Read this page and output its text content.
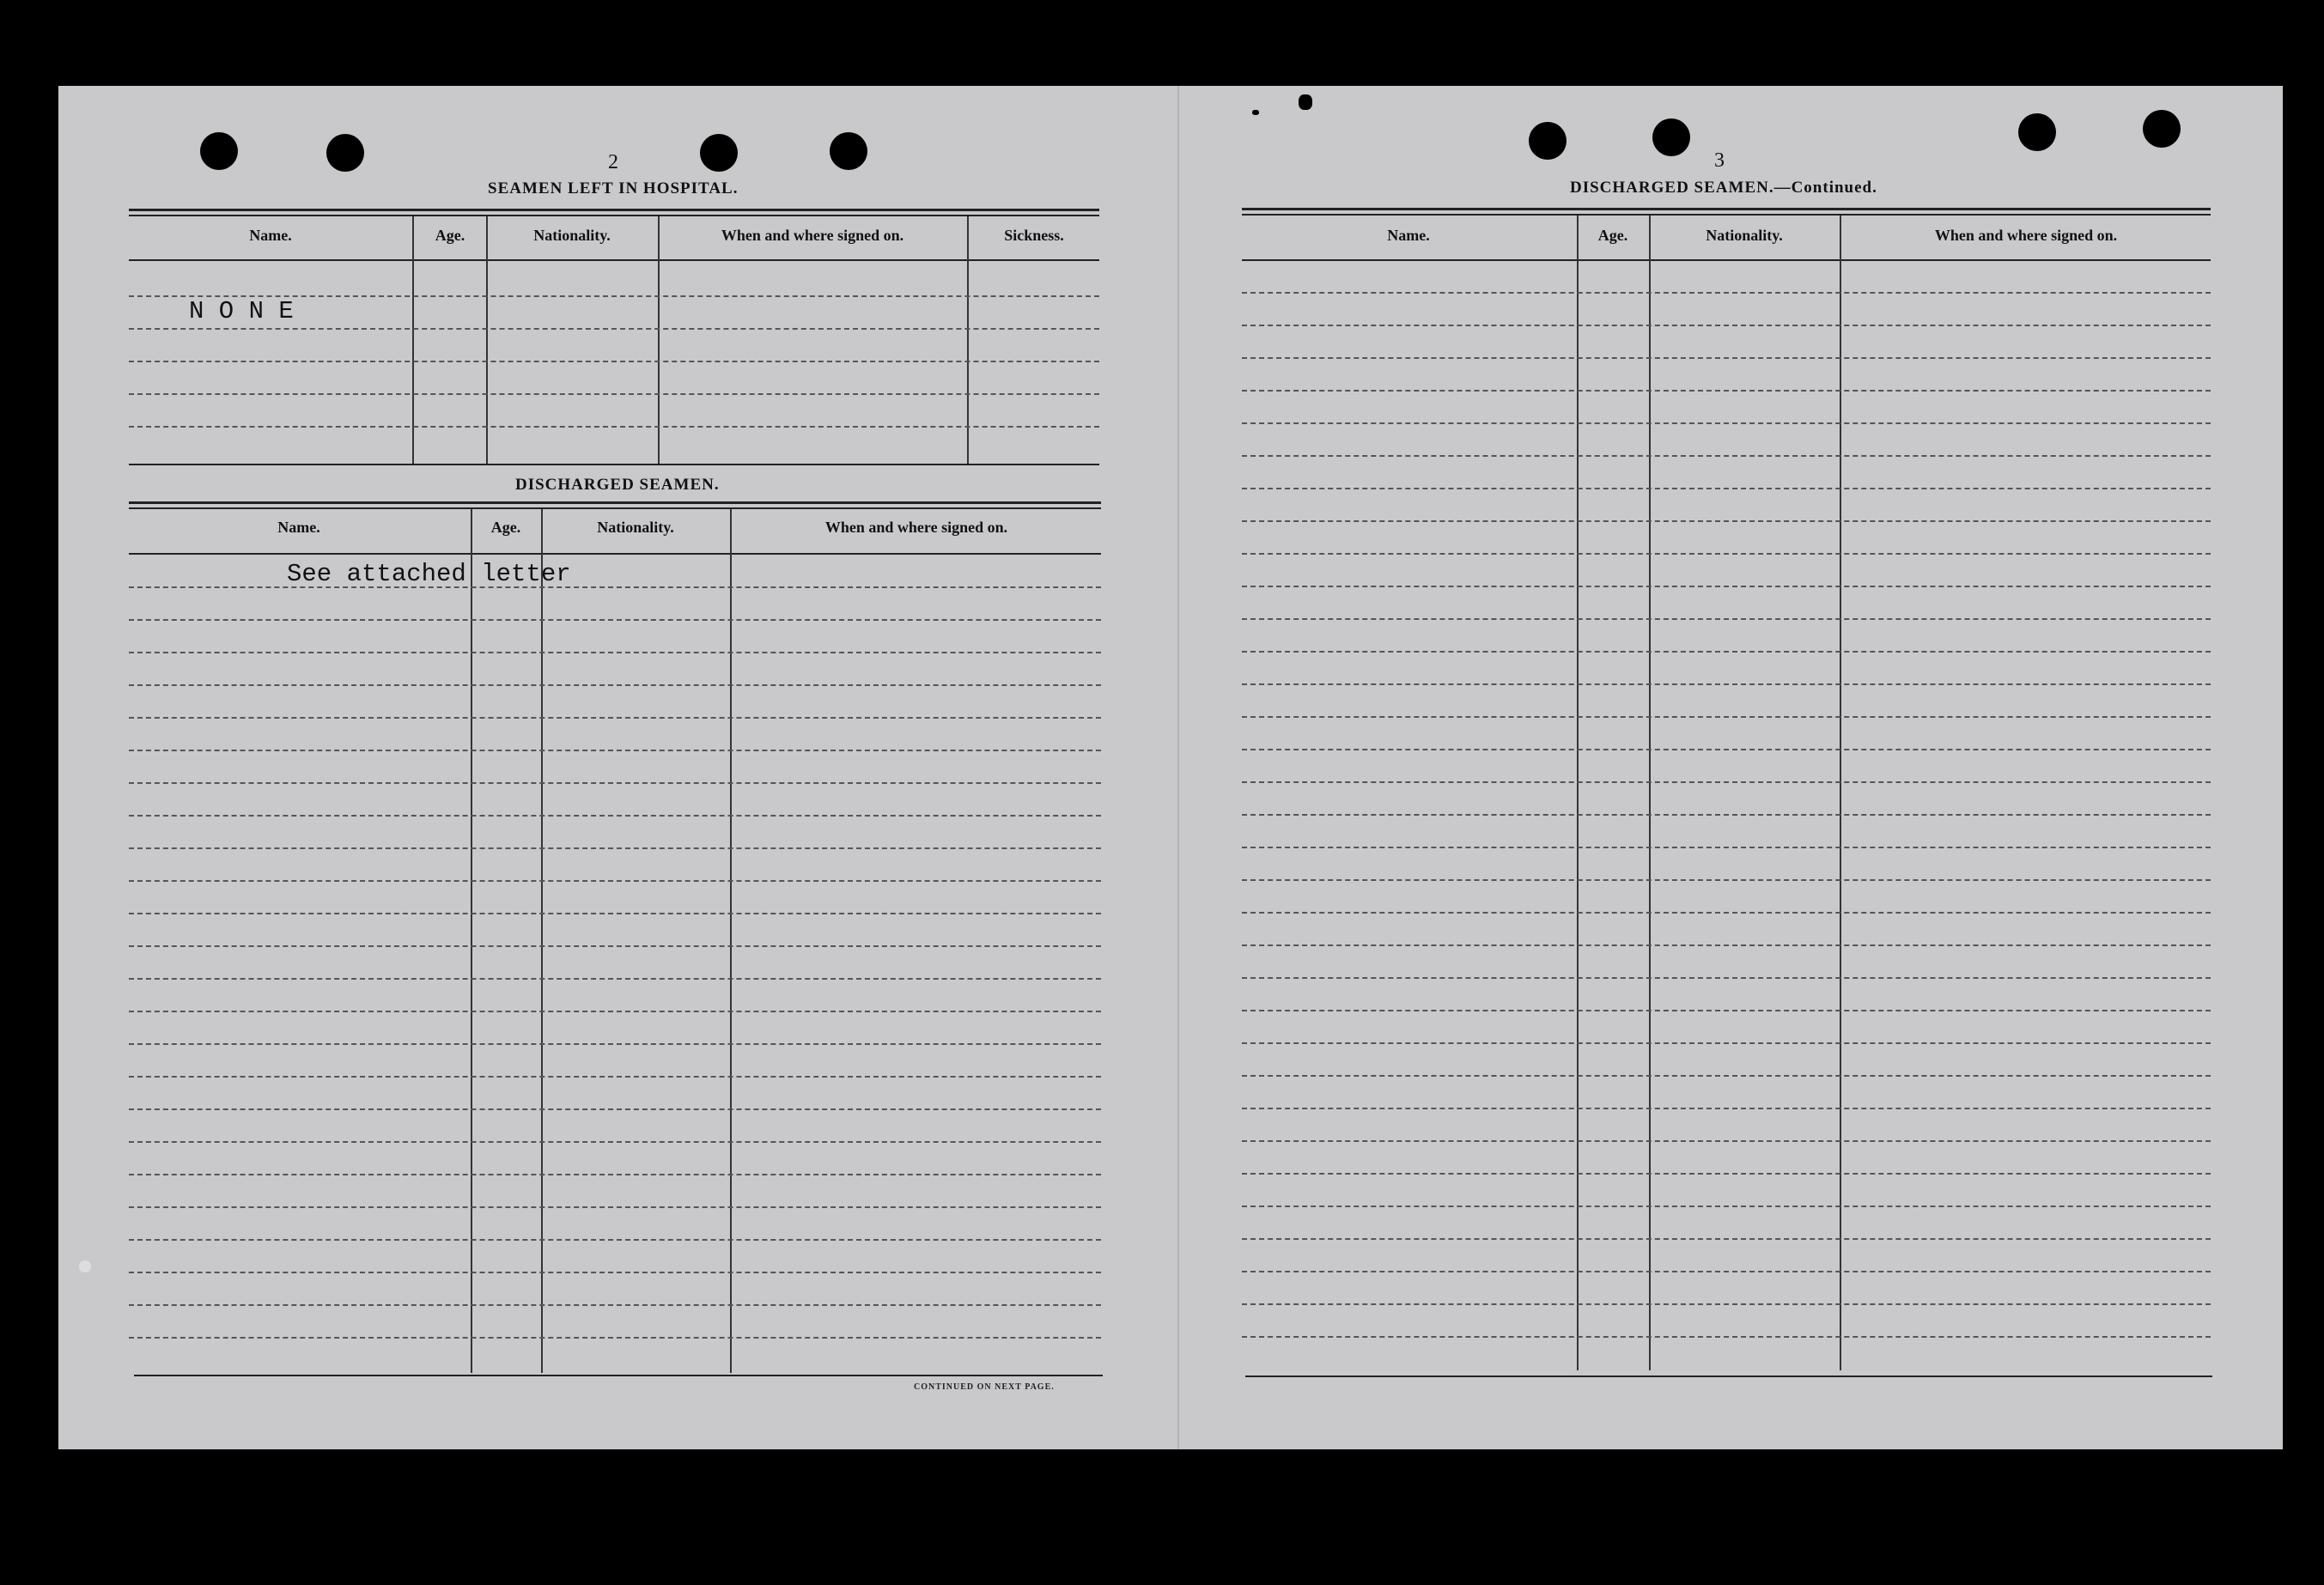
2
SEAMEN LEFT IN HOSPITAL.
Name.	Age.	Nationality.	When and where signed on.	Sickness.
N O N E
DISCHARGED SEAMEN.
Name.	Age.	Nationality.	When and where signed on.
See attached letter
CONTINUED ON NEXT PAGE.
3
DISCHARGED SEAMEN.—Continued.
Name.	Age.	Nationality.	When and where signed on.
